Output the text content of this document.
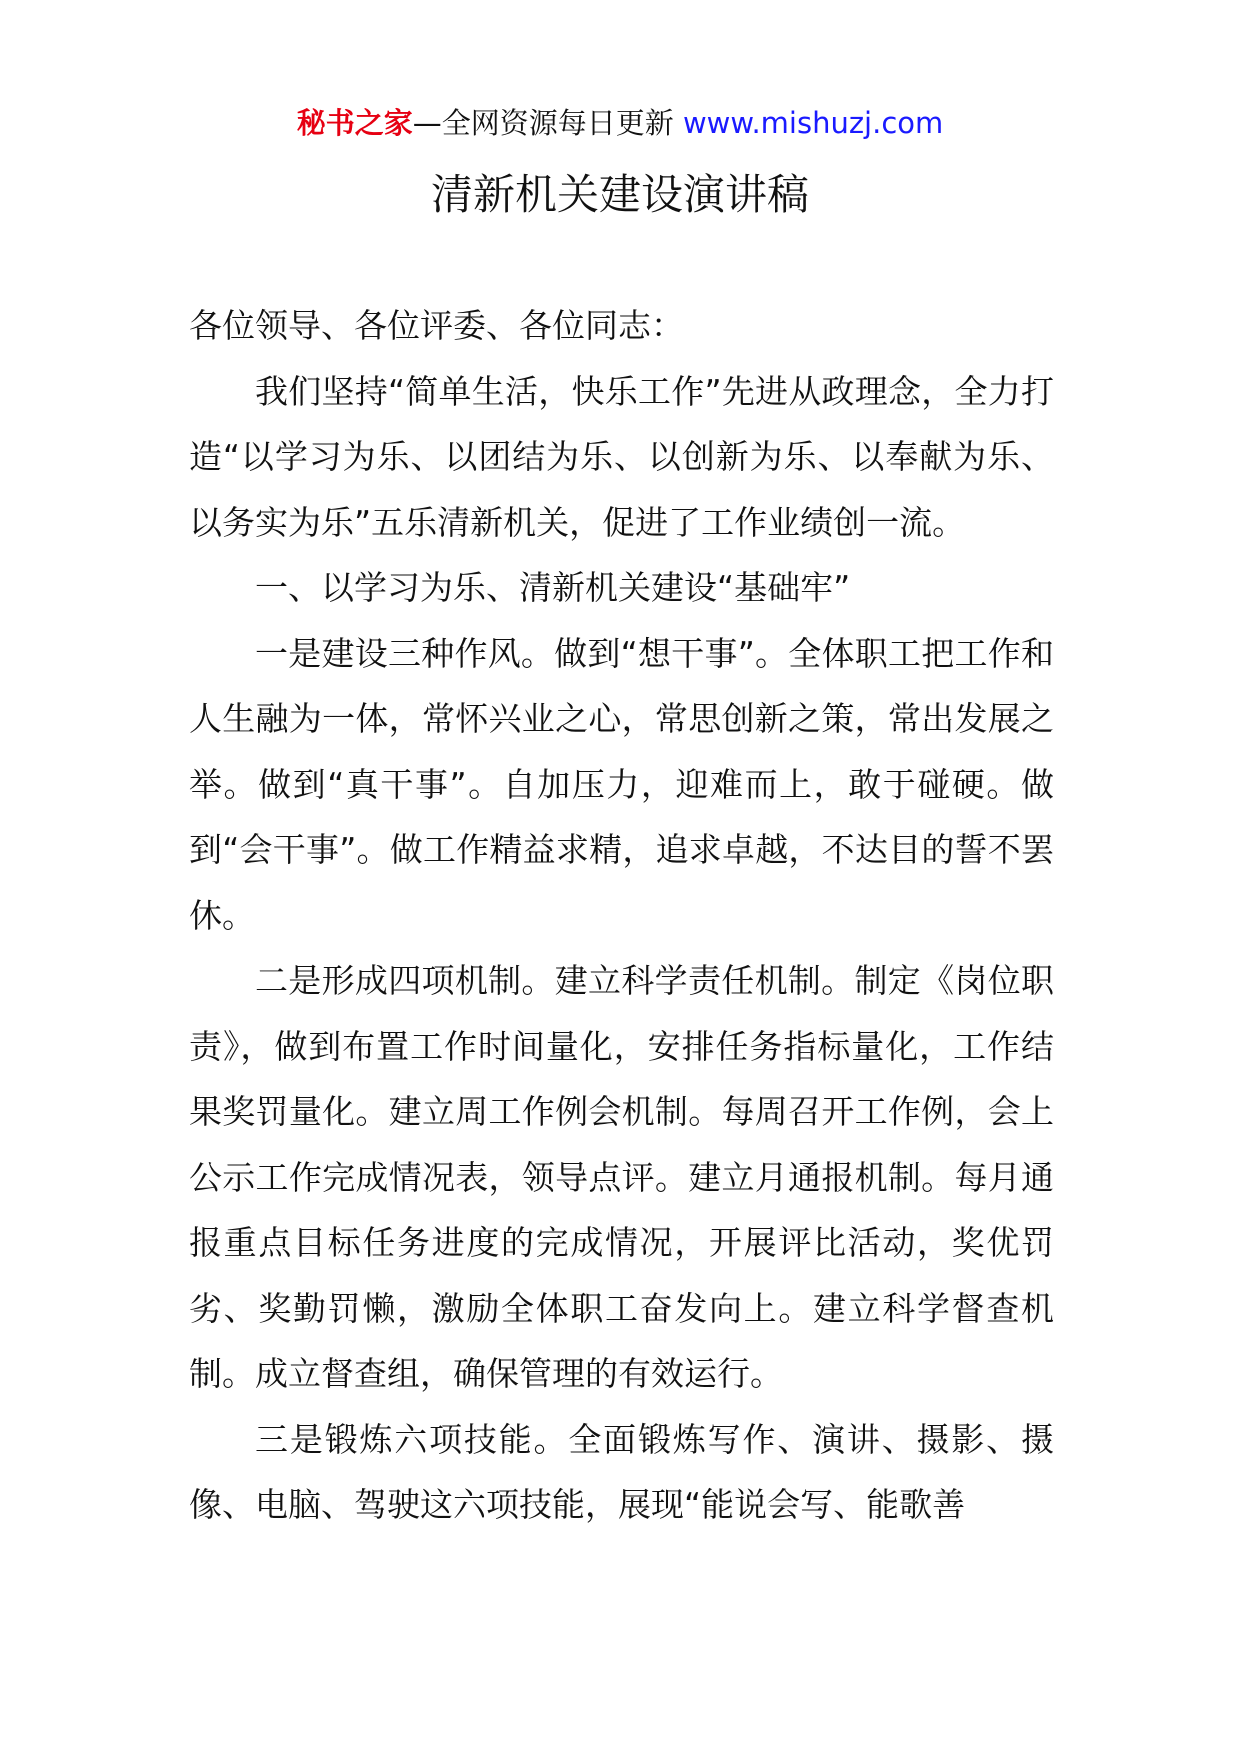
秘书之家—全网资源每日更新 www.mishuzj.com
清新机关建设演讲稿

各位领导、各位评委、各位同志：

我们坚持“简单生活，快乐工作”先进从政理念，全力打造“以学习为乐、以团结为乐、以创新为乐、以奉献为乐、以务实为乐”五乐清新机关，促进了工作业绩创一流。

一、以学习为乐、清新机关建设“基础牢”

一是建设三种作风。做到“想干事”。全体职工把工作和人生融为一体，常怀兴业之心，常思创新之策，常出发展之举。做到“真干事”。自加压力，迎难而上，敢于碰硬。做到“会干事”。做工作精益求精，追求卓越，不达目的誓不罢休。

二是形成四项机制。建立科学责任机制。制定《岗位职责》，做到布置工作时间量化，安排任务指标量化，工作结果奖罚量化。建立周工作例会机制。每周召开工作例，会上公示工作完成情况表，领导点评。建立月通报机制。每月通报重点目标任务进度的完成情况，开展评比活动，奖优罚劣、奖勤罚懒，激励全体职工奋发向上。建立科学督查机制。成立督查组，确保管理的有效运行。

三是锻炼六项技能。全面锻炼写作、演讲、摄影、摄像、电脑、驾驶这六项技能，展现“能说会写、能歌善
